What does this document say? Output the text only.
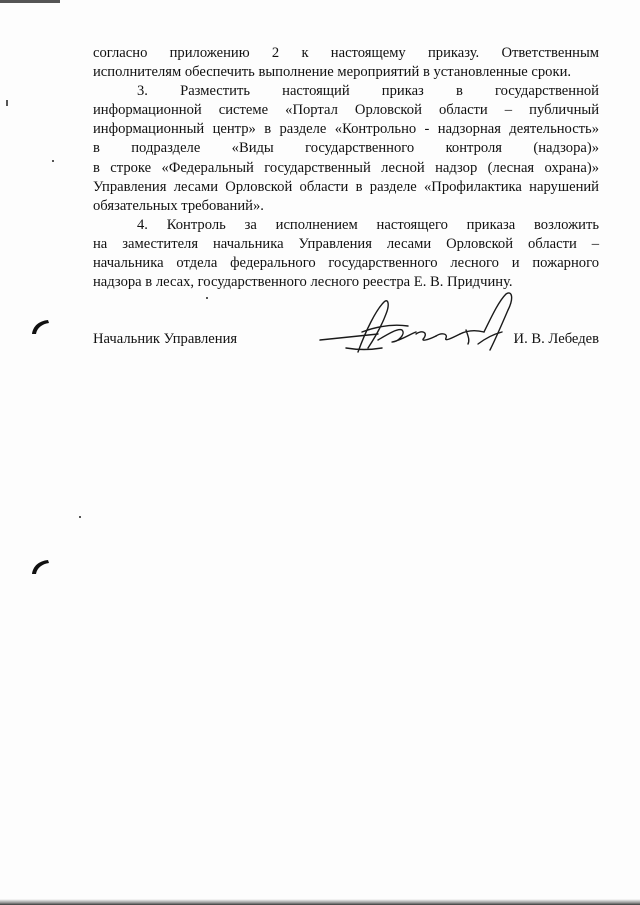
согласно приложению 2 к настоящему приказу. Ответственным
исполнителям обеспечить выполнение мероприятий в установленные сроки.
3. Разместить настоящий приказ в государственной
информационной системе «Портал Орловской области – публичный
информационный центр» в разделе «Контрольно - надзорная деятельность»
в подразделе «Виды государственного контроля (надзора)»
в строке «Федеральный государственный лесной надзор (лесная охрана)»
Управления лесами Орловской области в разделе «Профилактика нарушений
обязательных требований».
4. Контроль за исполнением настоящего приказа возложить
на заместителя начальника Управления лесами Орловской области –
начальника отдела федерального государственного лесного и пожарного
надзора в лесах, государственного лесного реестра Е. В. Придчину.
Начальник Управления	И. В. Лебедев
